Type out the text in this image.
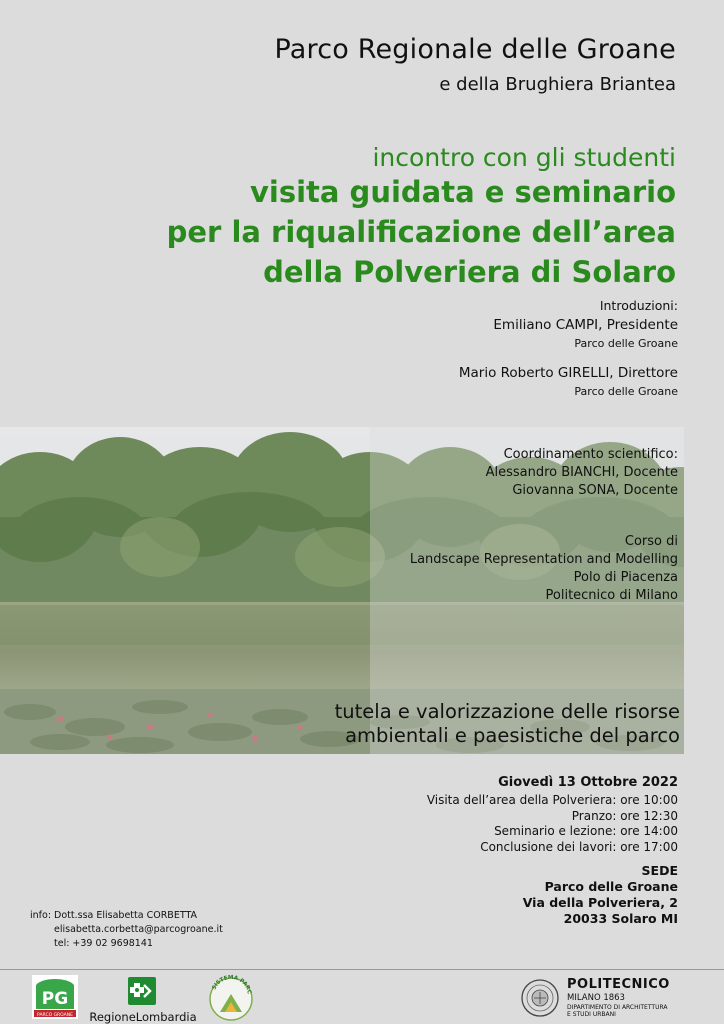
Parco Regionale delle Groane
e della Brughiera Briantea
incontro con gli studenti
visita guidata e seminario
per la riqualificazione dell’area
della Polveriera di Solaro
Introduzioni:
Emiliano CAMPI, Presidente
Parco delle Groane
Mario Roberto GIRELLI, Direttore
Parco delle Groane
Coordinamento scientifico:
Alessandro BIANCHI, Docente
Giovanna SONA, Docente
Corso di
Landscape Representation and Modelling
Polo di Piacenza
Politecnico di Milano
tutela e valorizzazione delle risorse
ambientali e paesistiche del parco
Giovedì 13 Ottobre 2022
Visita dell’area della Polveriera: ore 10:00
Pranzo: ore 12:30
Seminario e lezione: ore 14:00
Conclusione dei lavori: ore 17:00
SEDE
Parco delle Groane
Via della Polveriera, 2
20033 Solaro MI
info: Dott.ssa Elisabetta CORBETTA
elisabetta.corbetta@parcogroane.it
tel: +39 02 9698141
PG
PARCO GROANE	RegioneLombardia
SISTEMA PARC
POLITECNICO
MILANO 1863
DIPARTIMENTO DI ARCHITETTURA
E STUDI URBANI
